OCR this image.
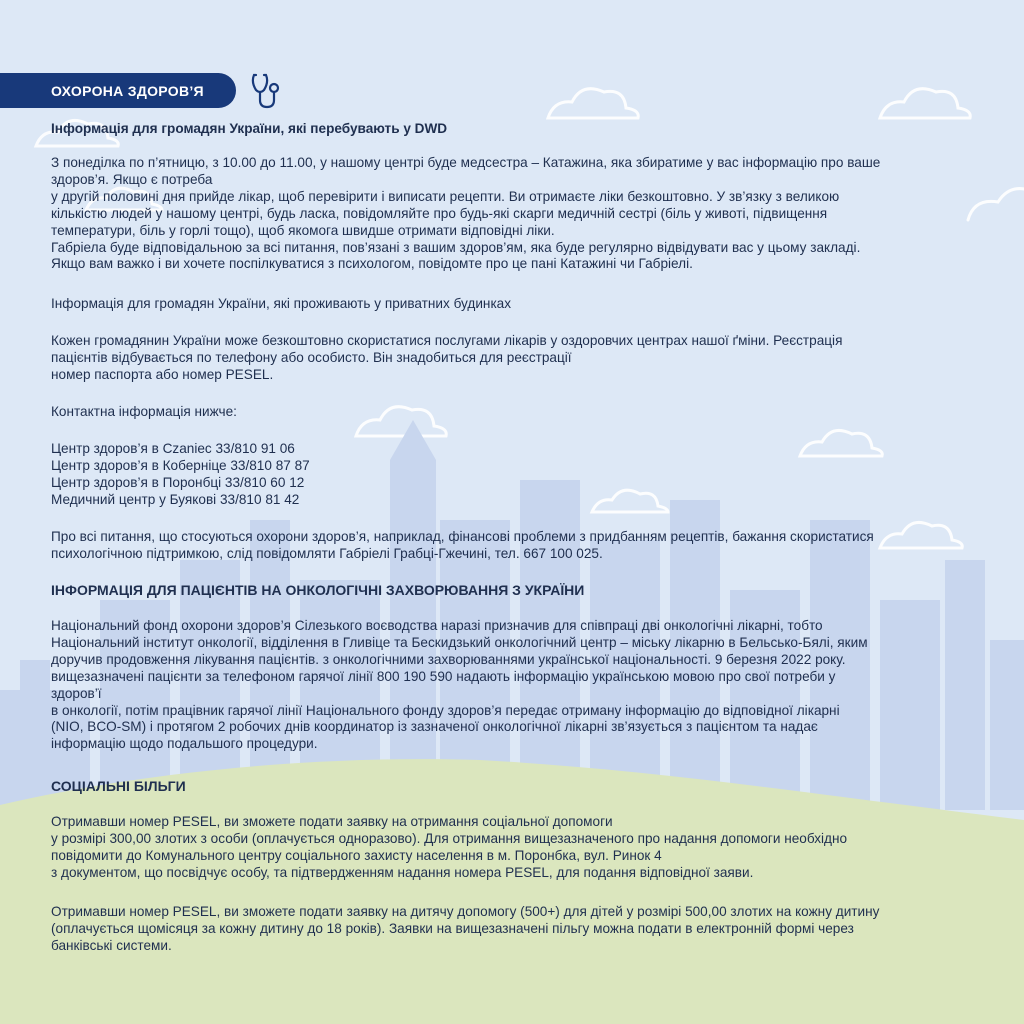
ОХОРОНА ЗДОРОВ’Я

Інформація для громадян України, які перебувають у DWD

З понеділка по п’ятницю, з 10.00 до 11.00, у нашому центрі буде медсестра – Катажина, яка збиратиме у вас інформацію про ваше

здоров’я. Якщо є потреба

у другій половині дня прийде лікар, щоб перевірити і виписати рецепти. Ви отримаєте ліки безкоштовно. У зв’язку з великою

кількістю людей у нашому центрі, будь ласка, повідомляйте про будь-які скарги медичній сестрі (біль у животі, підвищення

температури, біль у горлі тощо), щоб якомога швидше отримати відповідні ліки.

Габріела буде відповідальною за всі питання, пов’язані з вашим здоров’ям, яка буде регулярно відвідувати вас у цьому закладі.

Якщо вам важко і ви хочете поспілкуватися з психологом, повідомте про це пані Катажині чи Габріелі.

Інформація для громадян України, які проживають у приватних будинках

Кожен громадянин України може безкоштовно скористатися послугами лікарів у оздоровчих центрах нашої ґміни. Реєстрація

пацієнтів відбувається по телефону або особисто. Він знадобиться для реєстрації

номер паспорта або номер PESEL.

Контактна інформація нижче:

Центр здоров’я в Czaniec 33/810 91 06

Центр здоров’я в Коберніце 33/810 87 87

Центр здоров’я в Поронбці 33/810 60 12

Медичний центр у Буякові 33/810 81 42

Про всі питання, що стосуються охорони здоров’я, наприклад, фінансові проблеми з придбанням рецептів, бажання скористатися

психологічною підтримкою, слід повідомляти Габріелі Грабці-Гжечині, тел. 667 100 025.

ІНФОРМАЦІЯ ДЛЯ ПАЦІЄНТІВ НА ОНКОЛОГІЧНІ ЗАХВОРЮВАННЯ З УКРАЇНИ

Національний фонд охорони здоров’я Сілезького воєводства наразі призначив для співпраці дві онкологічні лікарні, тобто

Національний інститут онкології, відділення в Гливіце та Бескидзький онкологічний центр – міську лікарню в Бельсько-Бялі, яким

доручив продовження лікування пацієнтів. з онкологічними захворюваннями української національності. 9 березня 2022 року.

вищезазначені пацієнти за телефоном гарячої лінії 800 190 590 надають інформацію українською мовою про свої потреби у

здоров’ї

в онкології, потім працівник гарячої лінії Національного фонду здоров’я передає отриману інформацію до відповідної лікарні

(NIO, BCO-SM) і протягом 2 робочих днів координатор із зазначеної онкологічної лікарні зв’язується з пацієнтом та надає

інформацію щодо подальшого процедури.

СОЦІАЛЬНІ БІЛЬГИ

Отримавши номер PESEL, ви зможете подати заявку на отримання соціальної допомоги

у розмірі 300,00 злотих з особи (оплачується одноразово). Для отримання вищезазначеного про надання допомоги необхідно

повідомити до Комунального центру соціального захисту населення в м. Поронбка, вул. Ринок 4

з документом, що посвідчує особу, та підтвердженням надання номера PESEL, для подання відповідної заяви.

Отримавши номер PESEL, ви зможете подати заявку на дитячу допомогу (500+) для дітей у розмірі 500,00 злотих на кожну дитину

(оплачується щомісяця за кожну дитину до 18 років). Заявки на вищезазначені пільгу можна подати в електронній формі через

банківські системи.
